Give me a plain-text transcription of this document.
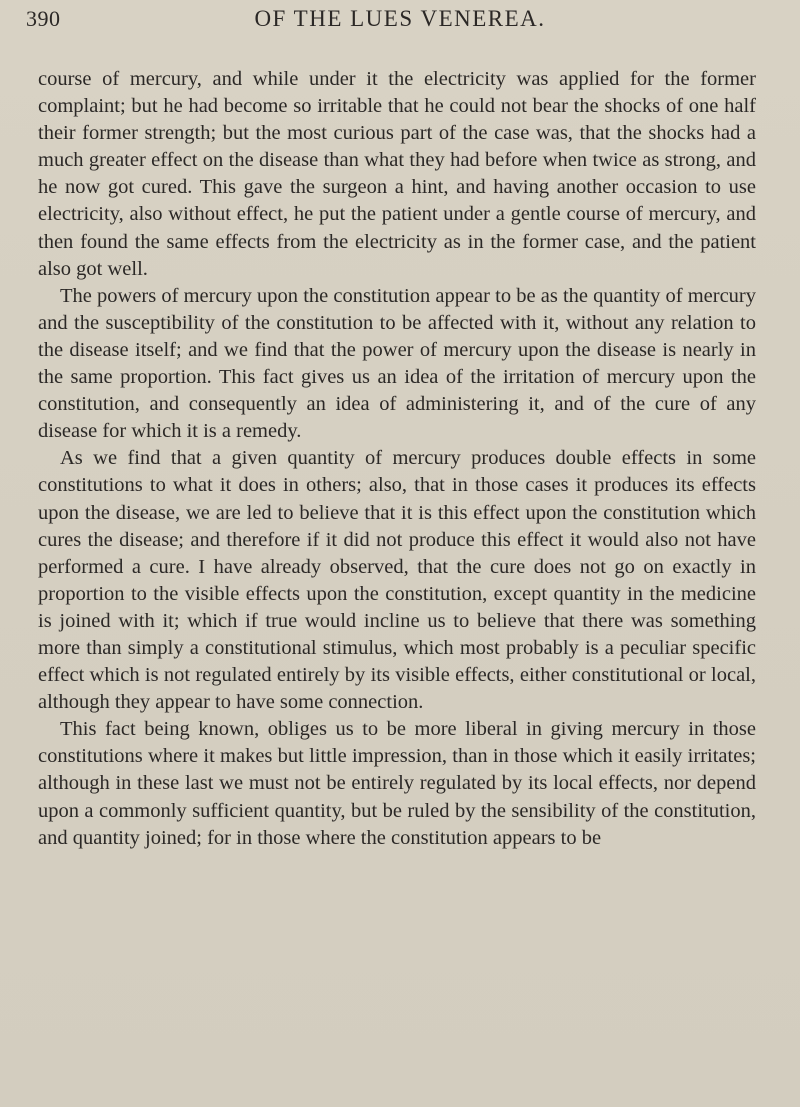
390	OF THE LUES VENEREA.

course of mercury, and while under it the electricity was applied for the former complaint; but he had become so irritable that he could not bear the shocks of one half their former strength; but the most curious part of the case was, that the shocks had a much greater effect on the disease than what they had before when twice as strong, and he now got cured. This gave the surgeon a hint, and having another occasion to use electricity, also without effect, he put the patient under a gentle course of mercury, and then found the same effects from the electricity as in the former case, and the patient also got well.

The powers of mercury upon the constitution appear to be as the quantity of mercury and the susceptibility of the constitution to be affected with it, without any relation to the disease itself; and we find that the power of mercury upon the disease is nearly in the same proportion. This fact gives us an idea of the irritation of mercury upon the constitution, and consequently an idea of administering it, and of the cure of any disease for which it is a remedy.

As we find that a given quantity of mercury produces double effects in some constitutions to what it does in others; also, that in those cases it produces its effects upon the disease, we are led to believe that it is this effect upon the constitution which cures the disease; and therefore if it did not produce this effect it would also not have performed a cure. I have already observed, that the cure does not go on exactly in proportion to the visible effects upon the constitution, except quantity in the medicine is joined with it; which if true would incline us to believe that there was something more than simply a constitutional stimulus, which most probably is a peculiar specific effect which is not regulated entirely by its visible effects, either constitutional or local, although they appear to have some connection.

This fact being known, obliges us to be more liberal in giving mercury in those constitutions where it makes but little impression, than in those which it easily irritates; although in these last we must not be entirely regulated by its local effects, nor depend upon a commonly sufficient quantity, but be ruled by the sensibility of the constitution, and quantity joined; for in those where the constitution appears to be
